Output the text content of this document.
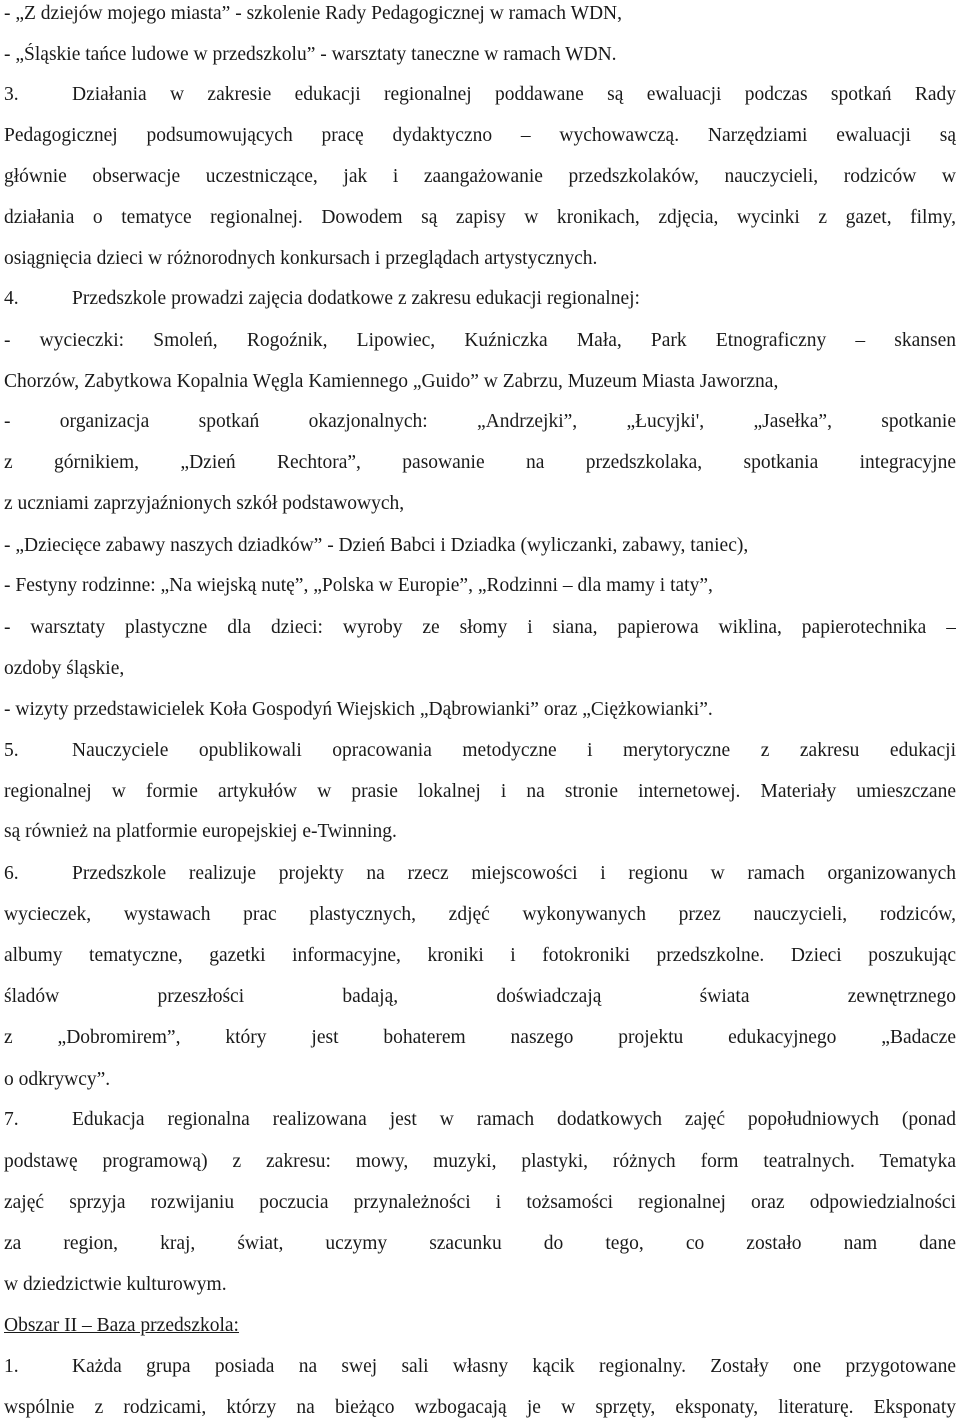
- „Z dziejów mojego miasta” - szkolenie Rady Pedagogicznej w ramach WDN,
- „Śląskie tańce ludowe w przedszkolu” - warsztaty taneczne w ramach WDN.
3.	Działania w zakresie edukacji regionalnej poddawane są ewaluacji podczas spotkań Rady
Pedagogicznej podsumowujących pracę dydaktyczno – wychowawczą. Narzędziami ewaluacji są
głównie obserwacje uczestniczące, jak i zaangażowanie przedszkolaków, nauczycieli, rodziców w
działania o tematyce regionalnej. Dowodem są zapisy w kronikach, zdjęcia, wycinki z gazet, filmy,
osiągnięcia dzieci w różnorodnych konkursach i przeglądach artystycznych.
4.	Przedszkole prowadzi zajęcia dodatkowe z zakresu edukacji regionalnej:
- wycieczki: Smoleń, Rogoźnik, Lipowiec, Kuźniczka Mała, Park Etnograficzny – skansen
Chorzów, Zabytkowa Kopalnia Węgla Kamiennego „Guido” w Zabrzu, Muzeum Miasta Jaworzna,
- organizacja spotkań okazjonalnych: „Andrzejki”, „Łucyjki', „Jasełka”, spotkanie
z górnikiem, „Dzień Rechtora”, pasowanie na przedszkolaka, spotkania integracyjne
z uczniami zaprzyjaźnionych szkół podstawowych,
- „Dziecięce zabawy naszych dziadków” - Dzień Babci i Dziadka (wyliczanki, zabawy, taniec),
- Festyny rodzinne: „Na wiejską nutę”, „Polska w Europie”, „Rodzinni – dla mamy i taty”,
- warsztaty plastyczne dla dzieci: wyroby ze słomy i siana, papierowa wiklina, papierotechnika –
ozdoby śląskie,
- wizyty przedstawicielek Koła Gospodyń Wiejskich „Dąbrowianki” oraz „Ciężkowianki”.
5.	Nauczyciele opublikowali opracowania metodyczne i merytoryczne z zakresu edukacji
regionalnej w formie artykułów w prasie lokalnej i na stronie internetowej. Materiały umieszczane
są również na platformie europejskiej e-Twinning.
6.	Przedszkole realizuje projekty na rzecz miejscowości i regionu w ramach organizowanych
wycieczek, wystawach prac plastycznych, zdjęć wykonywanych przez nauczycieli, rodziców,
albumy tematyczne, gazetki informacyjne, kroniki i fotokroniki przedszkolne. Dzieci poszukując
śladów przeszłości badają, doświadczają świata zewnętrznego
z „Dobromirem”, który jest bohaterem naszego projektu edukacyjnego „Badacze
o odkrywcy”.
7.	Edukacja regionalna realizowana jest w ramach dodatkowych zajęć popołudniowych (ponad
podstawę programową) z zakresu: mowy, muzyki, plastyki, różnych form teatralnych. Tematyka
zajęć sprzyja rozwijaniu poczucia przynależności i tożsamości regionalnej oraz odpowiedzialności
za region, kraj, świat, uczymy szacunku do tego, co zostało nam dane
w dziedzictwie kulturowym.
Obszar II – Baza przedszkola:
1.	Każda grupa posiada na swej sali własny kącik regionalny. Zostały one przygotowane
wspólnie z rodzicami, którzy na bieżąco wzbogacają je w sprzęty, eksponaty, literaturę. Eksponaty
